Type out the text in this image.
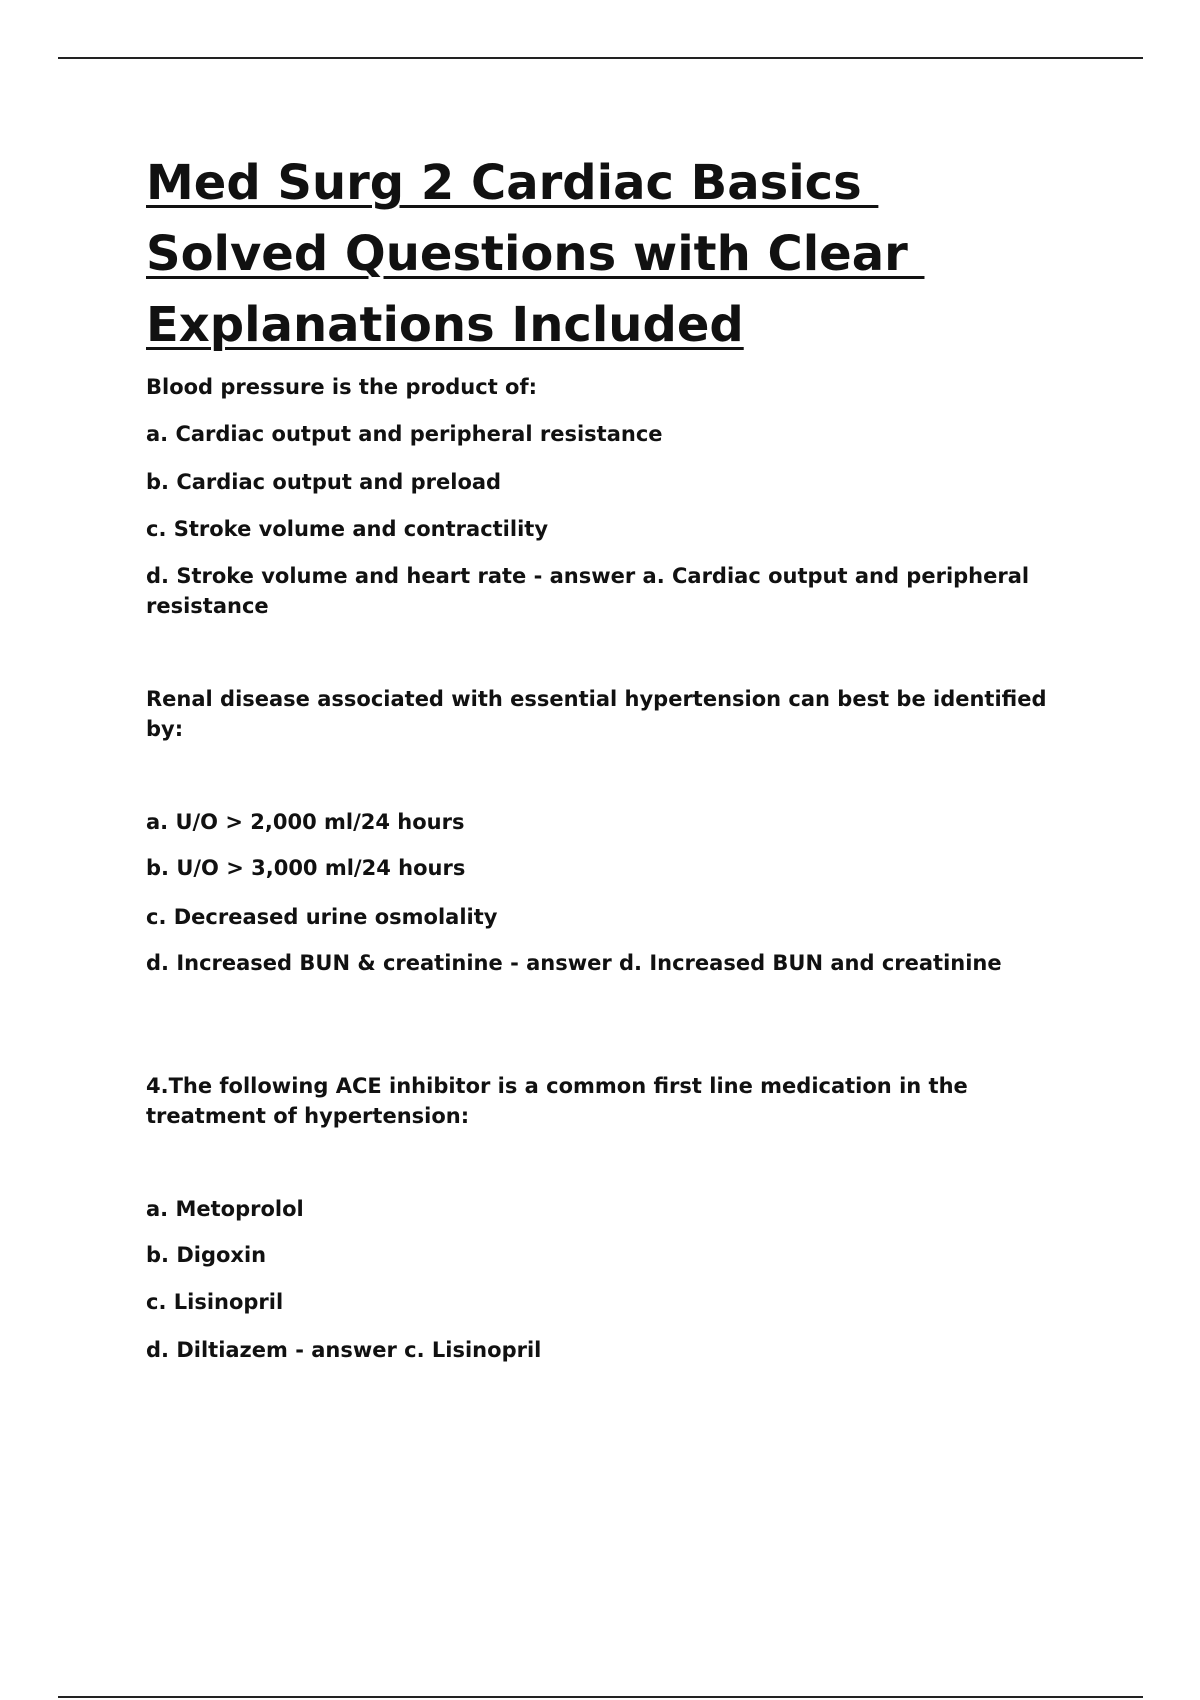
Med Surg 2 Cardiac Basics
Solved Questions with Clear
Explanations Included

Blood pressure is the product of:

a. Cardiac output and peripheral resistance

b. Cardiac output and preload

c. Stroke volume and contractility

d. Stroke volume and heart rate - answer a. Cardiac output and peripheral resistance

Renal disease associated with essential hypertension can best be identified by:

a. U/O > 2,000 ml/24 hours

b. U/O > 3,000 ml/24 hours

c. Decreased urine osmolality

d. Increased BUN & creatinine - answer d. Increased BUN and creatinine

4.The following ACE inhibitor is a common first line medication in the treatment of hypertension:

a. Metoprolol

b. Digoxin

c. Lisinopril

d. Diltiazem - answer c. Lisinopril
